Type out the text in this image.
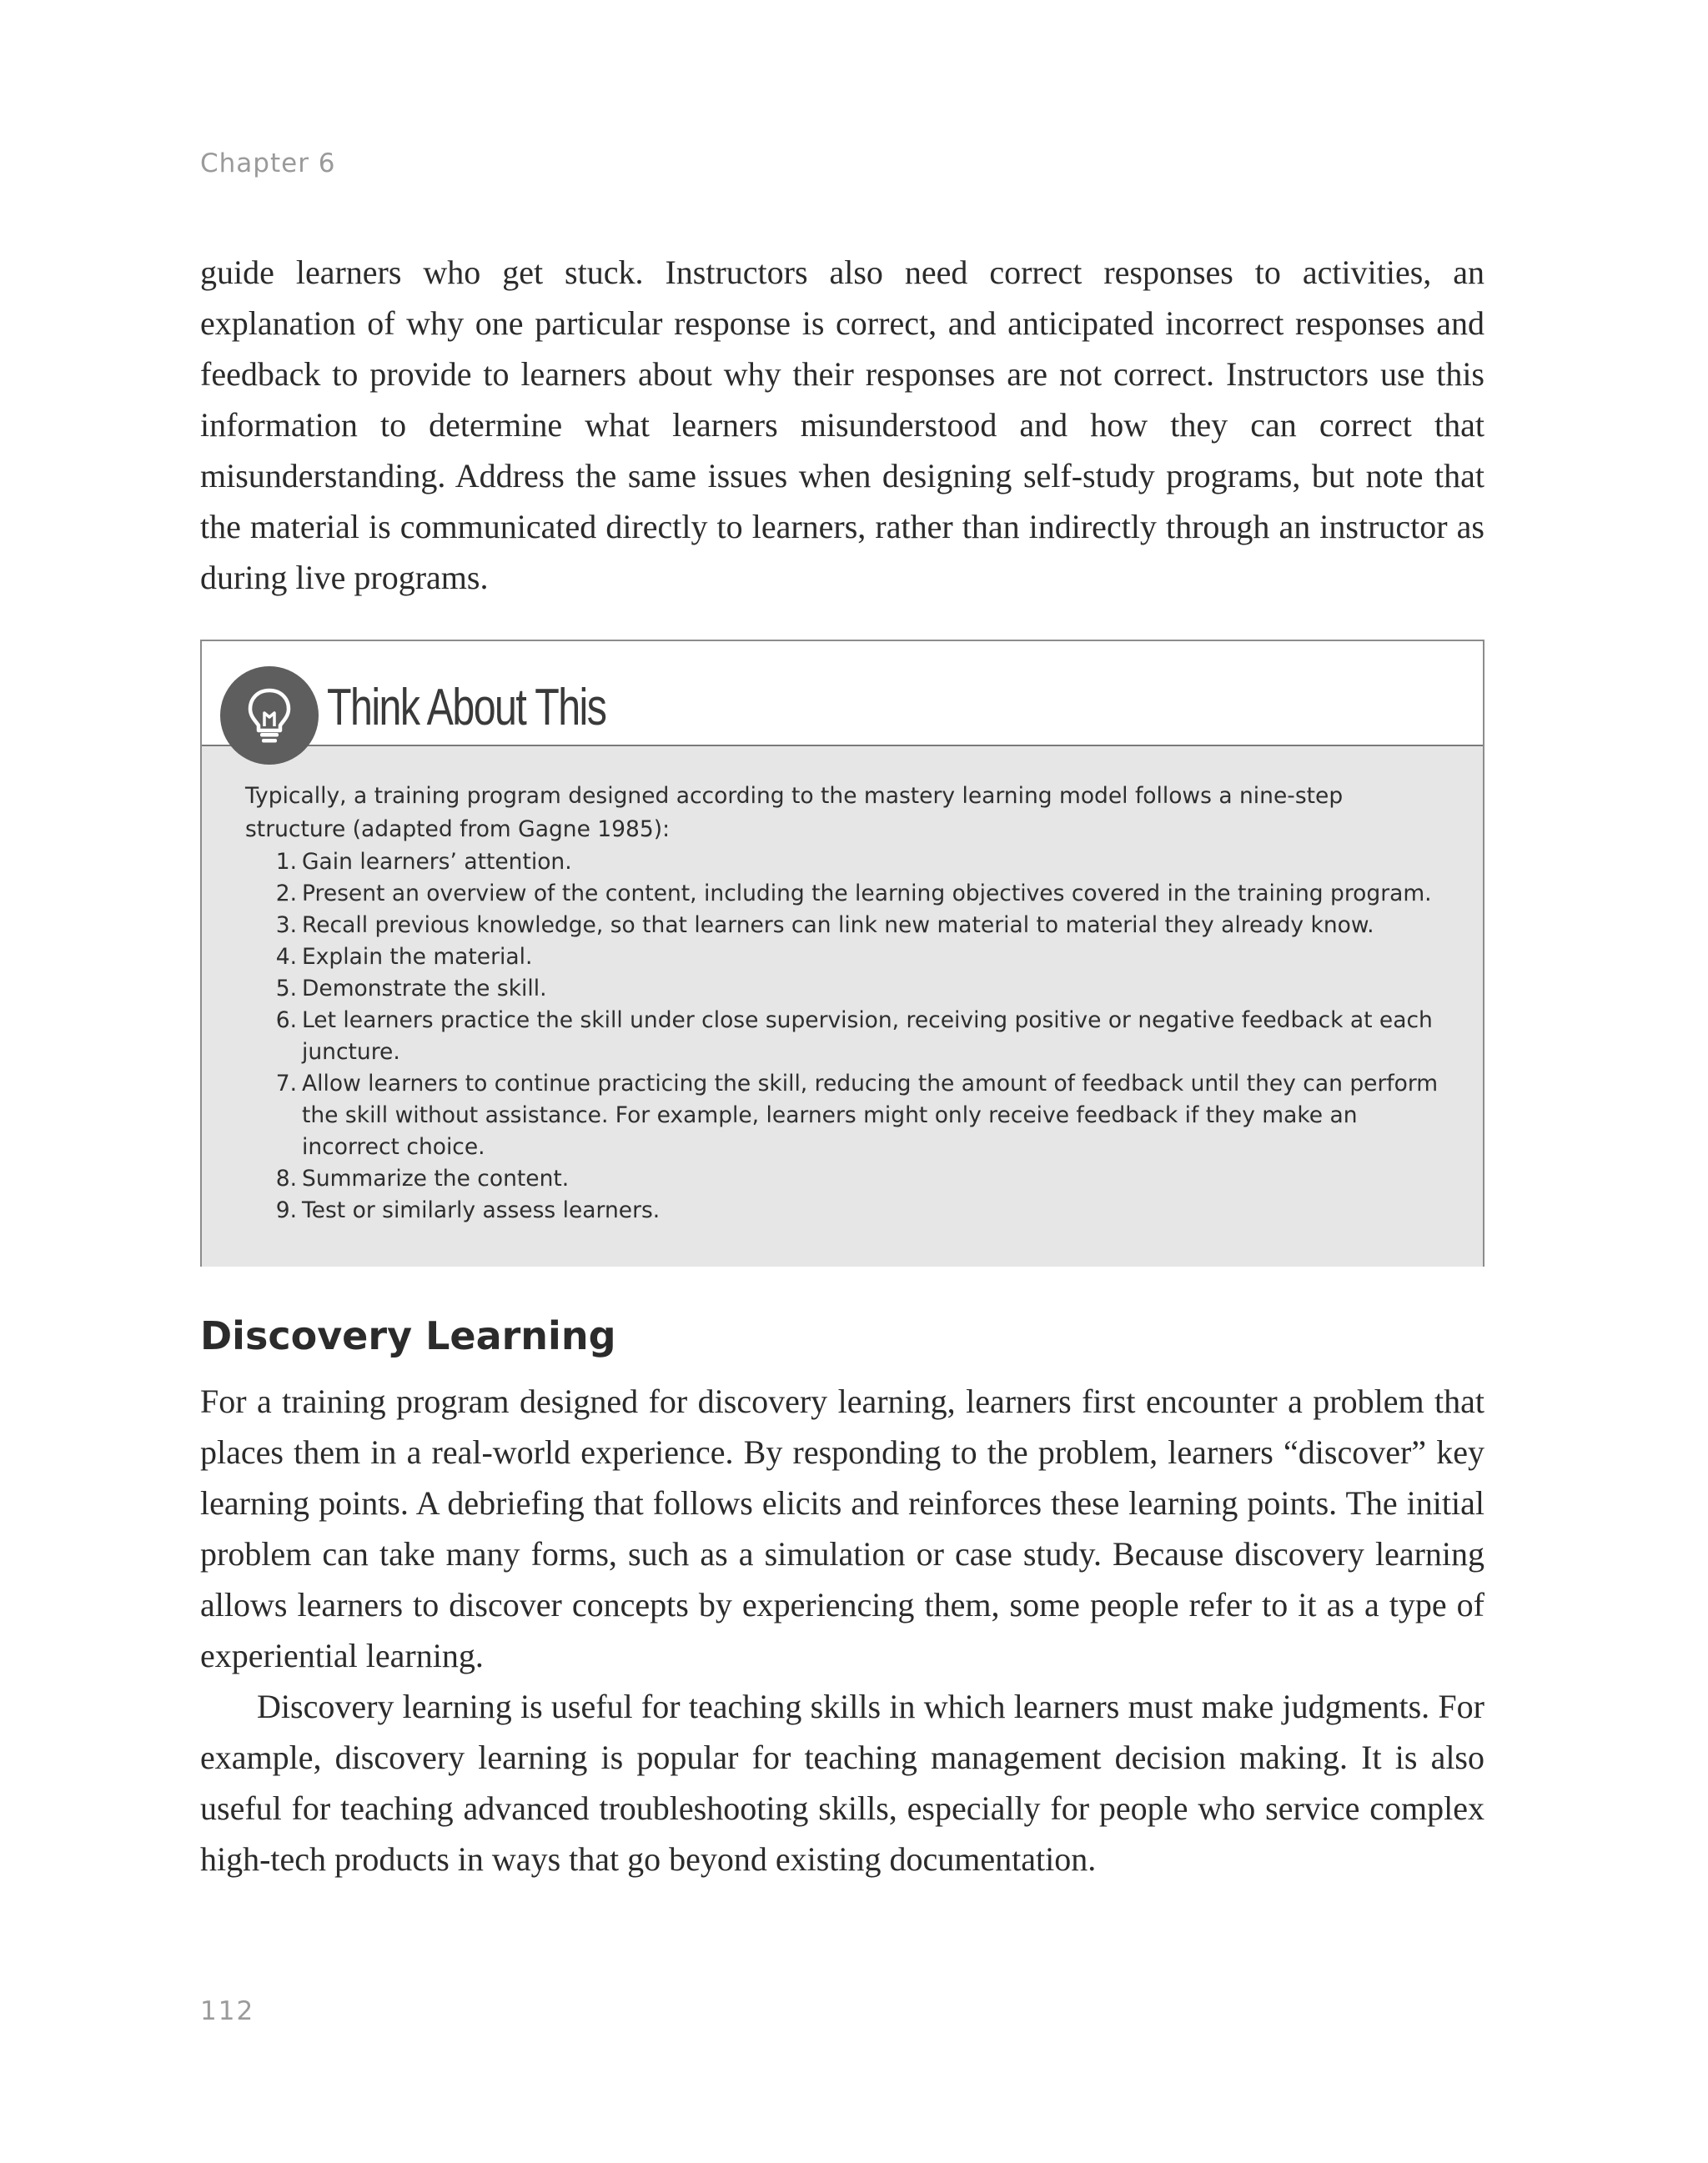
Chapter 6

guide learners who get stuck. Instructors also need correct responses to activities, an explanation of why one particular response is correct, and anticipated incorrect responses and feedback to provide to learners about why their responses are not correct. Instructors use this information to determine what learners misunderstood and how they can correct that misunderstanding. Address the same issues when designing self-study programs, but note that the material is communicated directly to learners, rather than indirectly through an instructor as during live programs.

Think About This

Typically, a training program designed according to the mastery learning model follows a nine-step structure (adapted from Gagne 1985):

1. Gain learners’ attention.
2. Present an overview of the content, including the learning objectives covered in the training program.
3. Recall previous knowledge, so that learners can link new material to material they already know.
4. Explain the material.
5. Demonstrate the skill.
6. Let learners practice the skill under close supervision, receiving positive or negative feedback at each juncture.
7. Allow learners to continue practicing the skill, reducing the amount of feedback until they can perform the skill without assistance. For example, learners might only receive feedback if they make an incorrect choice.
8. Summarize the content.
9. Test or similarly assess learners.
Discovery Learning

For a training program designed for discovery learning, learners first encounter a problem that places them in a real-world experience. By responding to the problem, learners “discover” key learning points. A debriefing that follows elicits and reinforces these learning points. The initial problem can take many forms, such as a simulation or case study. Because discovery learning allows learners to discover concepts by experiencing them, some people refer to it as a type of experiential learning.

Discovery learning is useful for teaching skills in which learners must make judgments. For example, discovery learning is popular for teaching management decision making. It is also useful for teaching advanced troubleshooting skills, especially for people who service complex high-tech products in ways that go beyond existing documentation.

112
